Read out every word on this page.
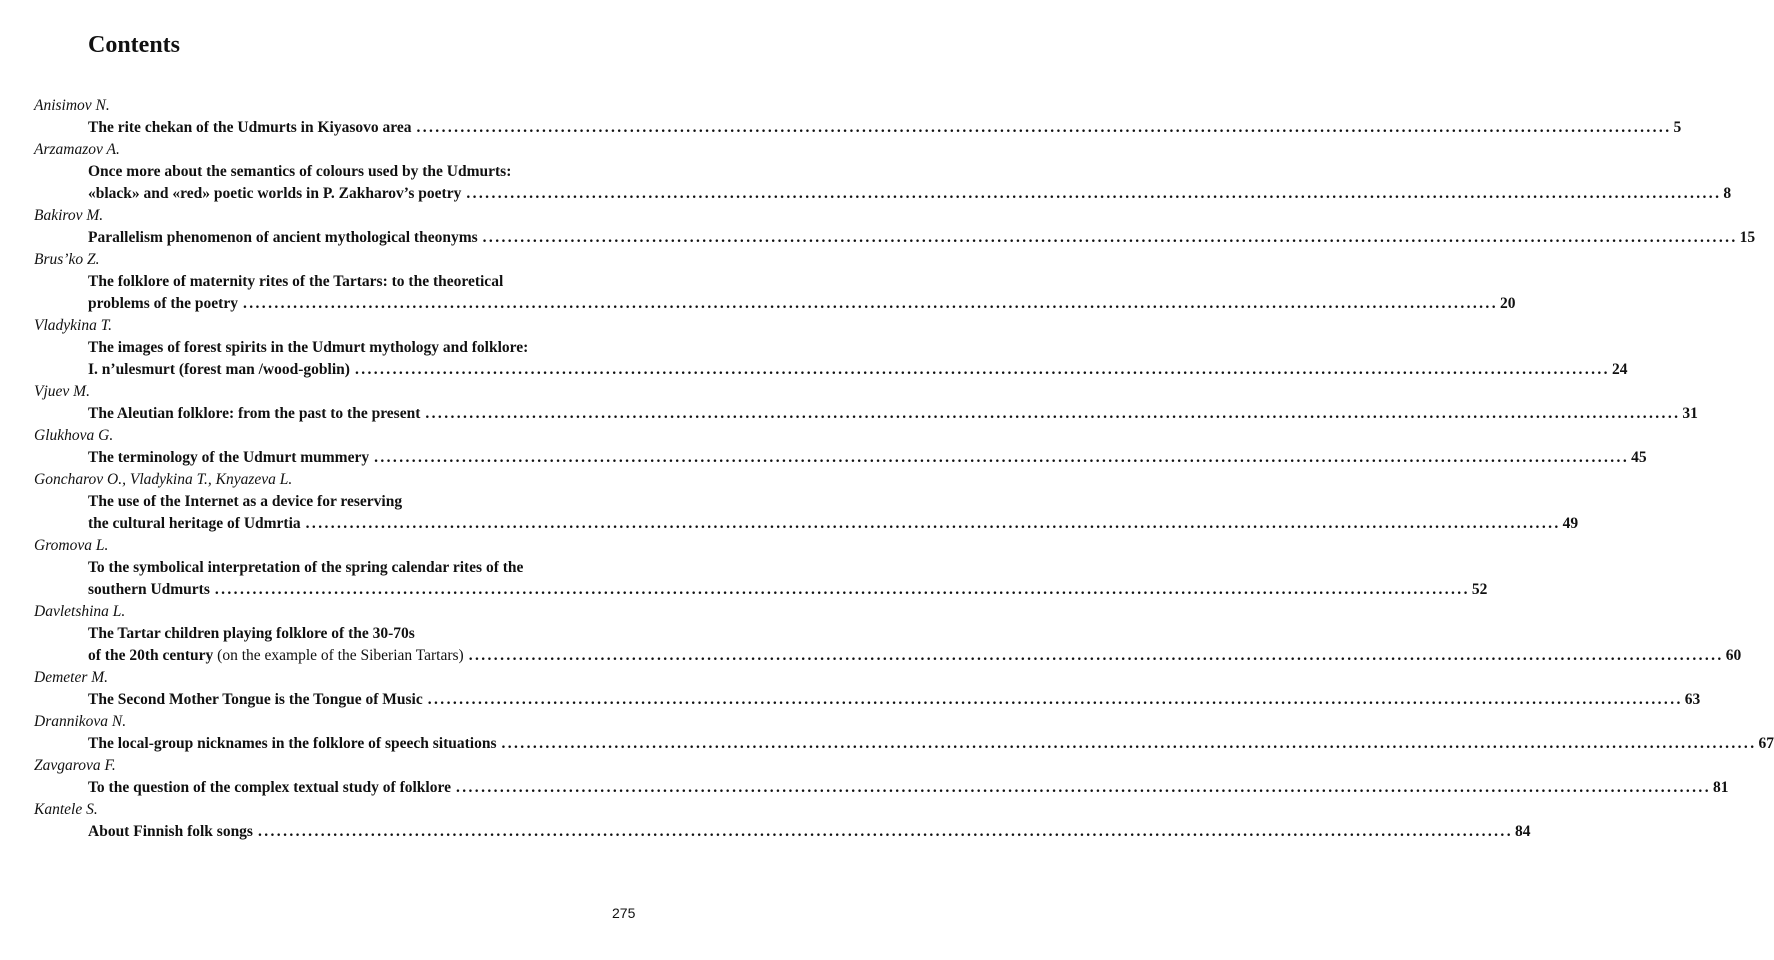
Contents
Anisimov N.
The rite chekan of the Udmurts in Kiyasovo area ........................................................................................................................................................................................................ 5
Arzamazov A.
Once more about the semantics of colours used by the Udmurts:
«black» and «red» poetic worlds in P. Zakharov’s poetry ........................................................................................................................................................................................................ 8
Bakirov M.
Parallelism phenomenon of ancient mythological theonyms ........................................................................................................................................................................................................ 15
Brus’ko Z.
The folklore of maternity rites of the Tartars: to the theoretical
problems of the poetry ........................................................................................................................................................................................................ 20
Vladykina T.
The images of forest spirits in the Udmurt mythology and folklore:
I. n’ulesmurt (forest man /wood-goblin) ........................................................................................................................................................................................................ 24
Vjuev M.
The Aleutian folklore: from the past to the present ........................................................................................................................................................................................................ 31
Glukhova G.
The terminology of the Udmurt mummery ........................................................................................................................................................................................................ 45
Goncharov O., Vladykina T., Knyazeva L.
The use of the Internet as a device for reserving
the cultural heritage of Udmrtia ........................................................................................................................................................................................................ 49
Gromova L.
To the symbolical interpretation of the spring calendar rites of the
southern Udmurts ........................................................................................................................................................................................................ 52
Davletshina L.
The Tartar children playing folklore of the 30-70s
of the 20th century (on the example of the Siberian Tartars) ........................................................................................................................................................................................................ 60
Demeter M.
The Second Mother Tongue is the Tongue of Music ........................................................................................................................................................................................................ 63
Drannikova N.
The local-group nicknames in the folklore of speech situations ........................................................................................................................................................................................................ 67
Zavgarova F.
To the question of the complex textual study of folklore ........................................................................................................................................................................................................ 81
Kantele S.
About Finnish folk songs ........................................................................................................................................................................................................ 84
275
